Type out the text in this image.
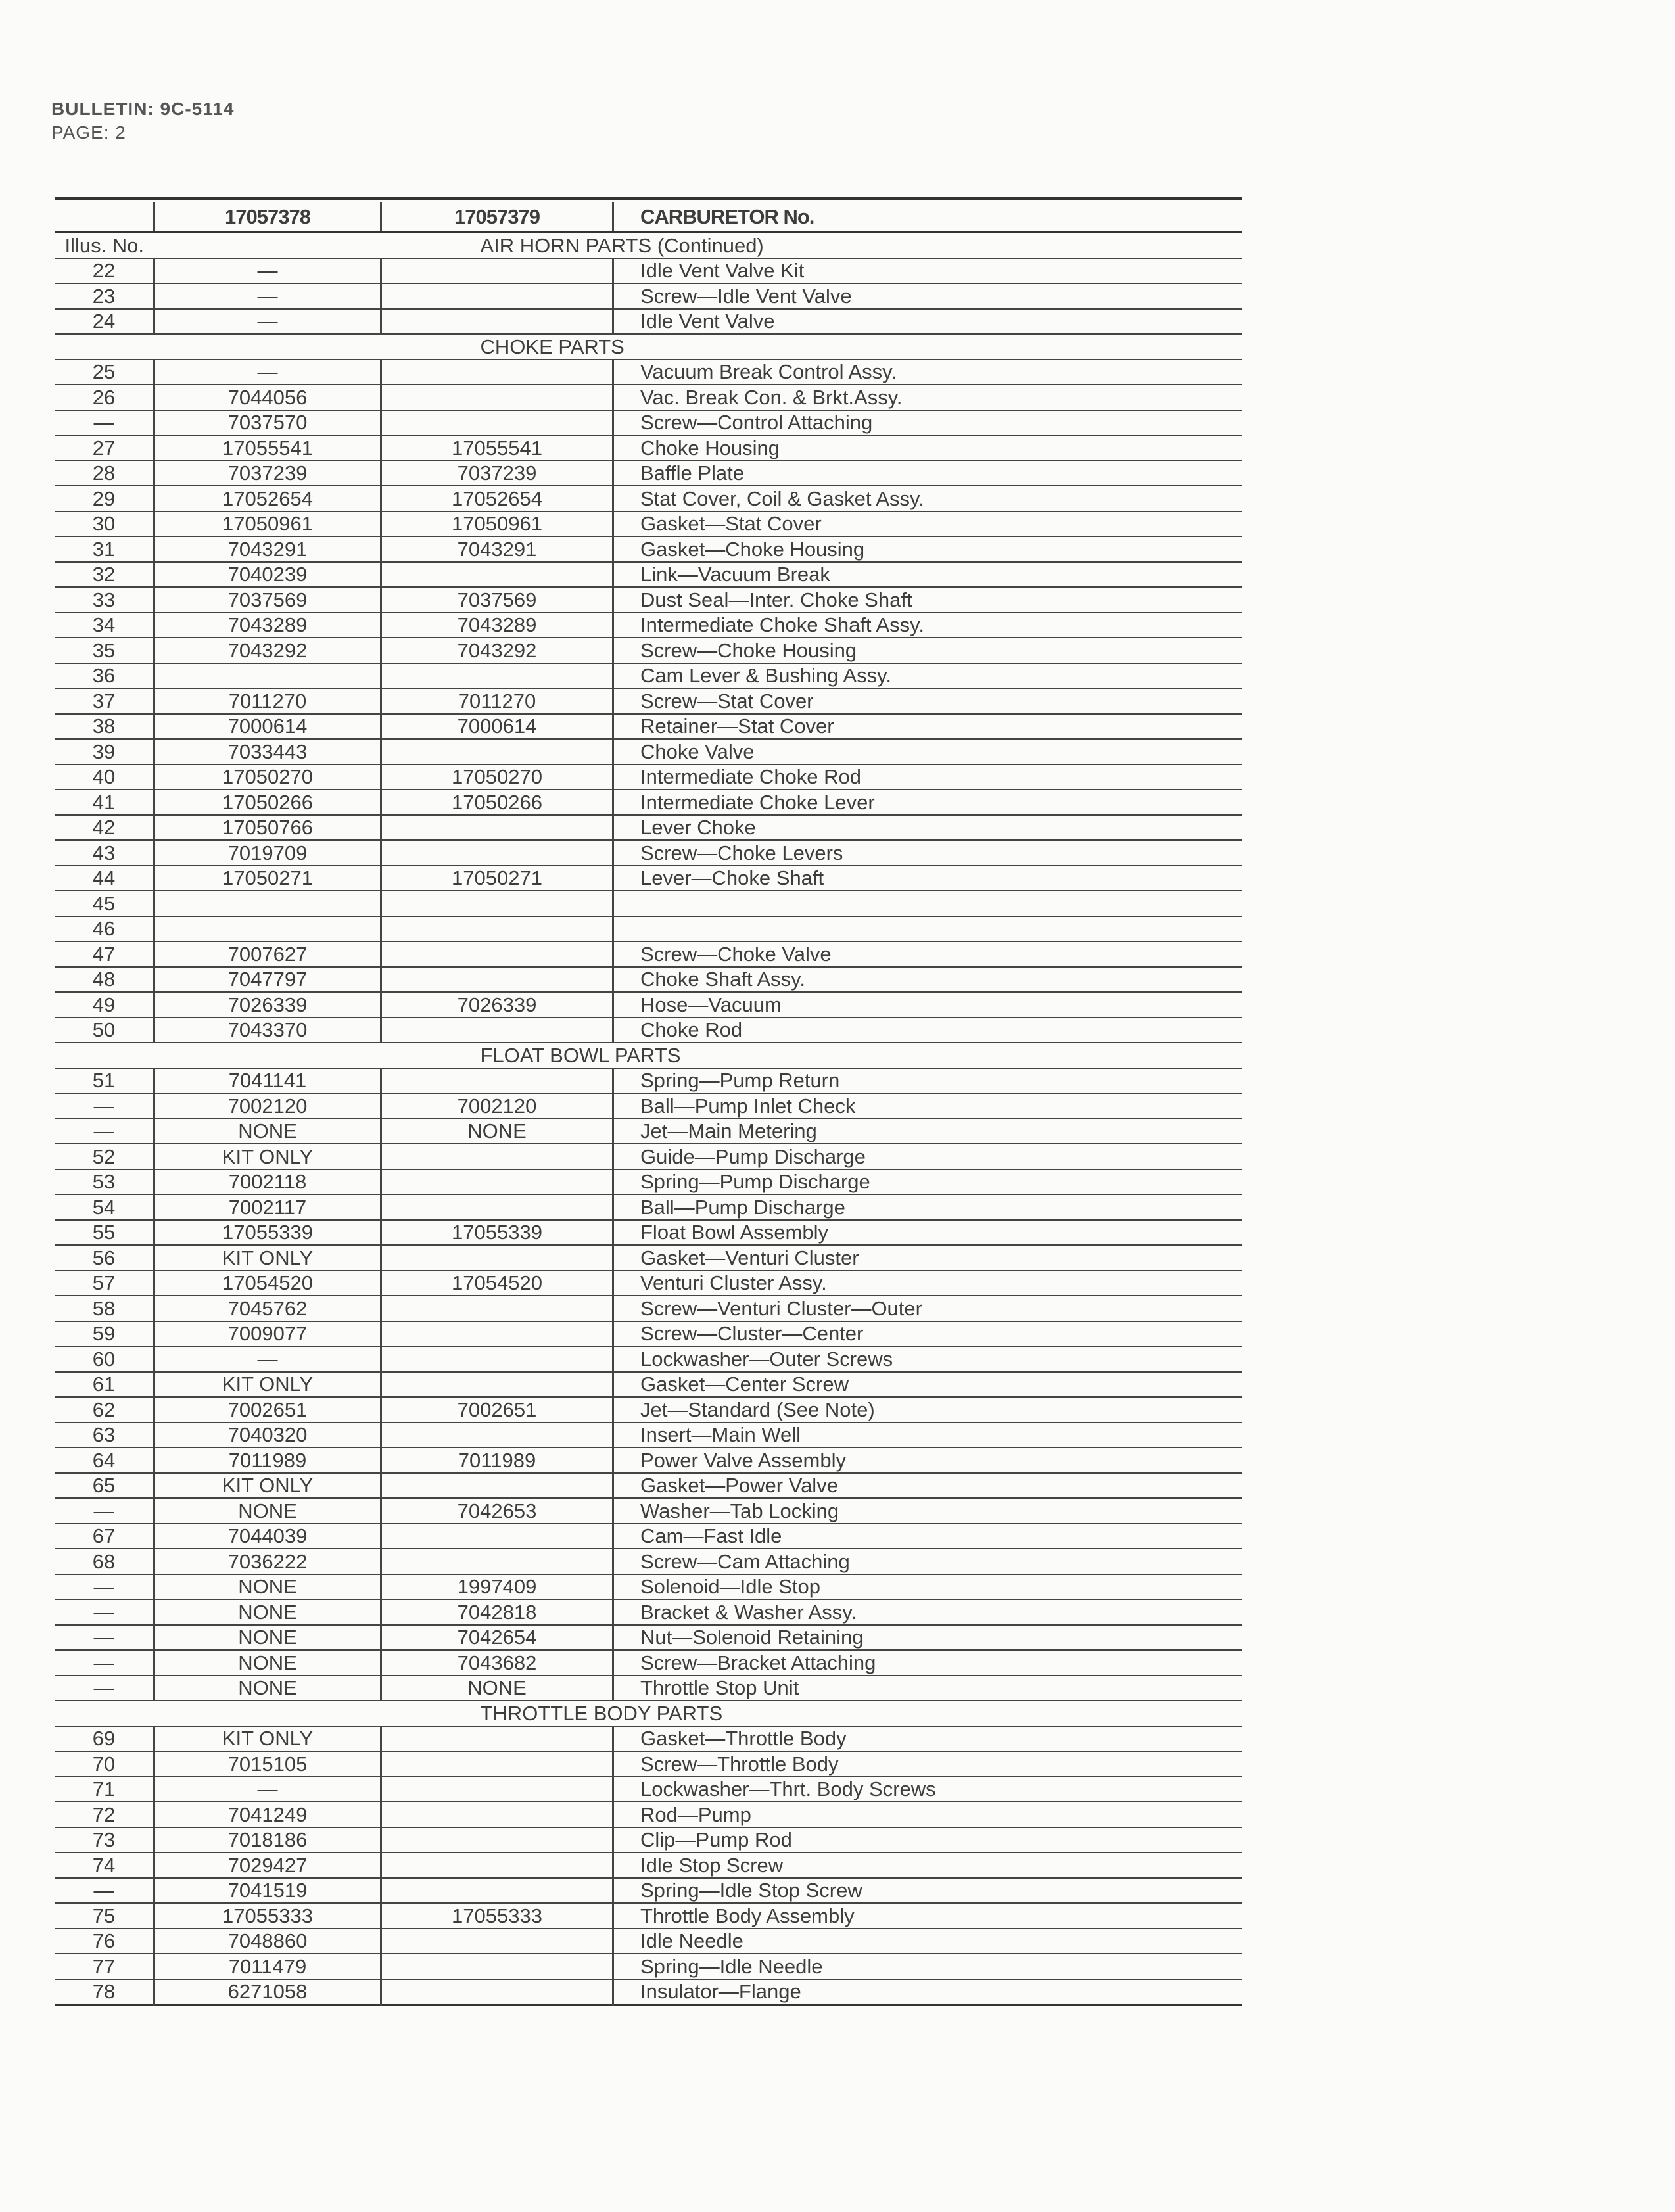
BULLETIN: 9C-5114
PAGE: 2
	17057378	17057379	CARBURETOR No.
Illus. No.	AIR HORN PARTS (Continued)		
22	—		Idle Vent Valve Kit
23	—		Screw—Idle Vent Valve
24	—		Idle Vent Valve
	CHOKE PARTS		
25	—		Vacuum Break Control Assy.
26	7044056		Vac. Break Con. & Brkt.Assy.
—	7037570		Screw—Control Attaching
27	17055541	17055541	Choke Housing
28	7037239	7037239	Baffle Plate
29	17052654	17052654	Stat Cover, Coil & Gasket Assy.
30	17050961	17050961	Gasket—Stat Cover
31	7043291	7043291	Gasket—Choke Housing
32	7040239		Link—Vacuum Break
33	7037569	7037569	Dust Seal—Inter. Choke Shaft
34	7043289	7043289	Intermediate Choke Shaft Assy.
35	7043292	7043292	Screw—Choke Housing
36			Cam Lever & Bushing Assy.
37	7011270	7011270	Screw—Stat Cover
38	7000614	7000614	Retainer—Stat Cover
39	7033443		Choke Valve
40	17050270	17050270	Intermediate Choke Rod
41	17050266	17050266	Intermediate Choke Lever
42	17050766		Lever Choke
43	7019709		Screw—Choke Levers
44	17050271	17050271	Lever—Choke Shaft
45			
46			
47	7007627		Screw—Choke Valve
48	7047797		Choke Shaft Assy.
49	7026339	7026339	Hose—Vacuum
50	7043370		Choke Rod
	FLOAT BOWL PARTS		
51	7041141		Spring—Pump Return
—	7002120	7002120	Ball—Pump Inlet Check
—	NONE	NONE	Jet—Main Metering
52	KIT ONLY		Guide—Pump Discharge
53	7002118		Spring—Pump Discharge
54	7002117		Ball—Pump Discharge
55	17055339	17055339	Float Bowl Assembly
56	KIT ONLY		Gasket—Venturi Cluster
57	17054520	17054520	Venturi Cluster Assy.
58	7045762		Screw—Venturi Cluster—Outer
59	7009077		Screw—Cluster—Center
60	—		Lockwasher—Outer Screws
61	KIT ONLY		Gasket—Center Screw
62	7002651	7002651	Jet—Standard (See Note)
63	7040320		Insert—Main Well
64	7011989	7011989	Power Valve Assembly
65	KIT ONLY		Gasket—Power Valve
—	NONE	7042653	Washer—Tab Locking
67	7044039		Cam—Fast Idle
68	7036222		Screw—Cam Attaching
—	NONE	1997409	Solenoid—Idle Stop
—	NONE	7042818	Bracket & Washer Assy.
—	NONE	7042654	Nut—Solenoid Retaining
—	NONE	7043682	Screw—Bracket Attaching
—	NONE	NONE	Throttle Stop Unit
	THROTTLE BODY PARTS		
69	KIT ONLY		Gasket—Throttle Body
70	7015105		Screw—Throttle Body
71	—		Lockwasher—Thrt. Body Screws
72	7041249		Rod—Pump
73	7018186		Clip—Pump Rod
74	7029427		Idle Stop Screw
—	7041519		Spring—Idle Stop Screw
75	17055333	17055333	Throttle Body Assembly
76	7048860		Idle Needle
77	7011479		Spring—Idle Needle
78	6271058		Insulator—Flange
